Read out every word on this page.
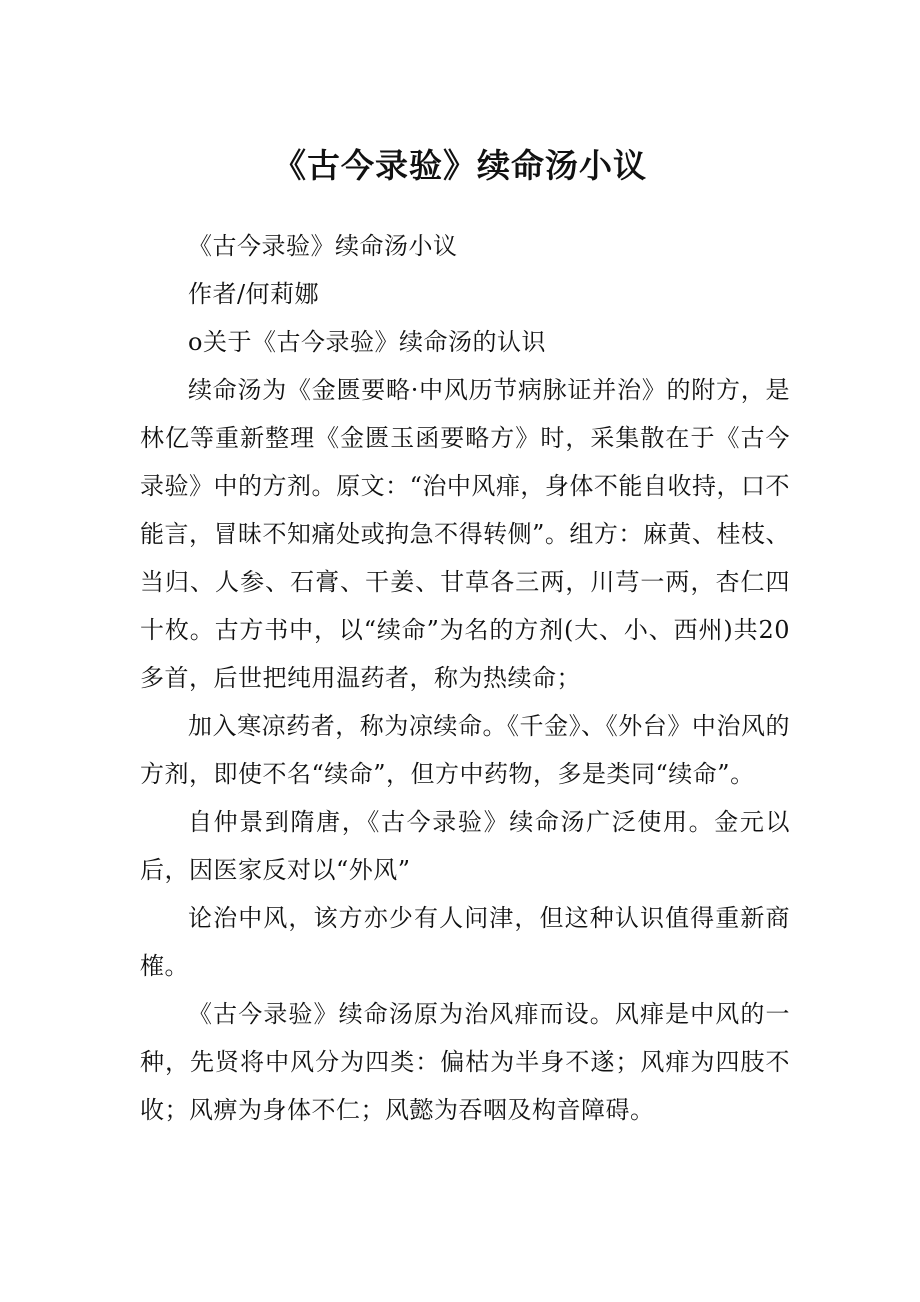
《古今录验》续命汤小议

《古今录验》续命汤小议

作者/何莉娜

o关于《古今录验》续命汤的认识

续命汤为《金匮要略·中风历节病脉证并治》的附方，是林亿等重新整理《金匮玉函要略方》时，采集散在于《古今录验》中的方剂。原文：“治中风痱，身体不能自收持，口不能言，冒昧不知痛处或拘急不得转侧”。组方：麻黄、桂枝、当归、人参、石膏、干姜、甘草各三两，川芎一两，杏仁四十枚。古方书中，以“续命”为名的方剂(大、小、西州)共20多首，后世把纯用温药者，称为热续命；

加入寒凉药者，称为凉续命。《千金》、《外台》中治风的方剂，即使不名“续命”，但方中药物，多是类同“续命”。

自仲景到隋唐，《古今录验》续命汤广泛使用。金元以后，因医家反对以“外风”

论治中风，该方亦少有人问津，但这种认识值得重新商榷。

《古今录验》续命汤原为治风痱而设。风痱是中风的一种，先贤将中风分为四类：偏枯为半身不遂；风痱为四肢不收；风痹为身体不仁；风懿为吞咽及构音障碍。
